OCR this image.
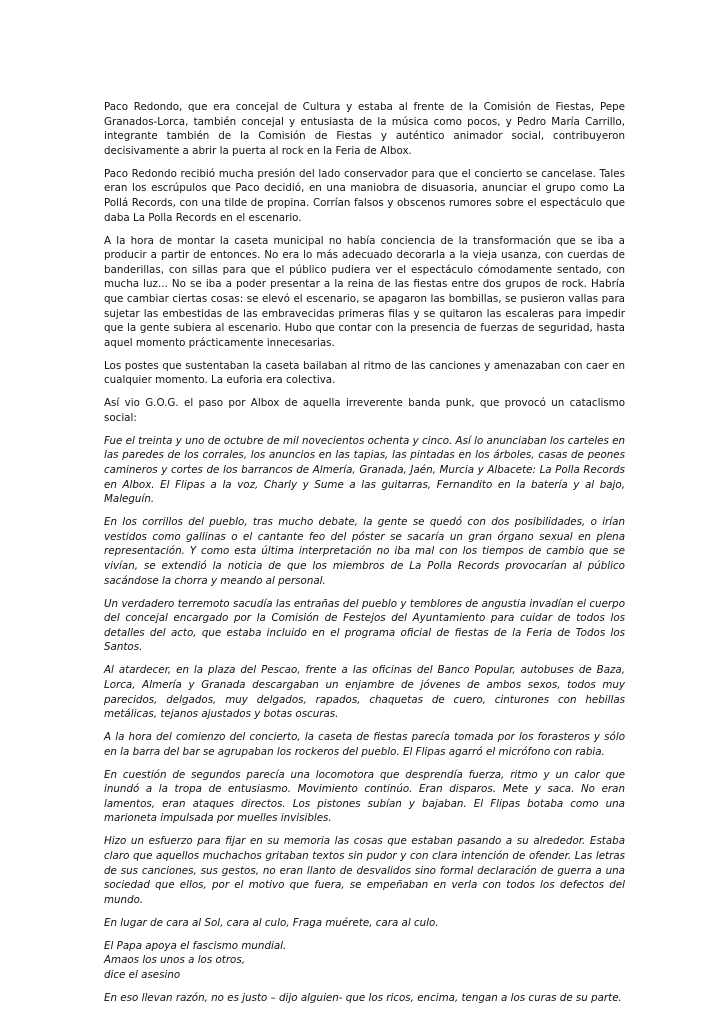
Paco Redondo, que era concejal de Cultura y estaba al frente de la Comisión de Fiestas, Pepe Granados-Lorca, también concejal y entusiasta de la música como pocos, y Pedro María Carrillo, integrante también de la Comisión de Fiestas y auténtico animador social, contribuyeron decisivamente a abrir la puerta al rock en la Feria de Albox.

Paco Redondo recibió mucha presión del lado conservador para que el concierto se cancelase. Tales eran los escrúpulos que Paco decidió, en una maniobra de disuasoria, anunciar el grupo como La Pollá Records, con una tilde de propina. Corrían falsos y obscenos rumores sobre el espectáculo que daba La Polla Records en el escenario.

A la hora de montar la caseta municipal no había conciencia de la transformación que se iba a producir a partir de entonces. No era lo más adecuado decorarla a la vieja usanza, con cuerdas de banderillas, con sillas para que el público pudiera ver el espectáculo cómodamente sentado, con mucha luz... No se iba a poder presentar a la reina de las fiestas entre dos grupos de rock. Habría que cambiar ciertas cosas: se elevó el escenario, se apagaron las bombillas, se pusieron vallas para sujetar las embestidas de las embravecidas primeras filas y se quitaron las escaleras para impedir que la gente subiera al escenario. Hubo que contar con la presencia de fuerzas de seguridad, hasta aquel momento prácticamente innecesarias.

Los postes que sustentaban la caseta bailaban al ritmo de las canciones y amenazaban con caer en cualquier momento. La euforia era colectiva.

Así vio G.O.G. el paso por Albox de aquella irreverente banda punk, que provocó un cataclismo social:

Fue el treinta y uno de octubre de mil novecientos ochenta y cinco. Así lo anunciaban los carteles en las paredes de los corrales, los anuncios en las tapias, las pintadas en los árboles, casas de peones camineros y cortes de los barrancos de Almería, Granada, Jaén, Murcia y Albacete: La Polla Records en Albox. El Flipas a la voz, Charly y Sume a las guitarras, Fernandito en la batería y al bajo, Maleguín.

En los corrillos del pueblo, tras mucho debate, la gente se quedó con dos posibilidades, o irían vestidos como gallinas o el cantante feo del póster se sacaría un gran órgano sexual en plena representación. Y como esta última interpretación no iba mal con los tiempos de cambio que se vivían, se extendió la noticia de que los miembros de La Polla Records provocarían al público sacándose la chorra y meando al personal.

Un verdadero terremoto sacudía las entrañas del pueblo y temblores de angustia invadían el cuerpo del concejal encargado por la Comisión de Festejos del Ayuntamiento para cuidar de todos los detalles del acto, que estaba incluido en el programa oficial de fiestas de la Feria de Todos los Santos.

Al atardecer, en la plaza del Pescao, frente a las oficinas del Banco Popular, autobuses de Baza, Lorca, Almería y Granada descargaban un enjambre de jóvenes de ambos sexos, todos muy parecidos, delgados, muy delgados, rapados, chaquetas de cuero, cinturones con hebillas metálicas, tejanos ajustados y botas oscuras.

A la hora del comienzo del concierto, la caseta de fiestas parecía tomada por los forasteros y sólo en la barra del bar se agrupaban los rockeros del pueblo. El Flipas agarró el micrófono con rabia.

En cuestión de segundos parecía una locomotora que desprendía fuerza, ritmo y un calor que inundó a la tropa de entusiasmo. Movimiento continúo. Eran disparos. Mete y saca. No eran lamentos, eran ataques directos. Los pistones subían y bajaban. El Flipas botaba como una marioneta impulsada por muelles invisibles.

Hizo un esfuerzo para fijar en su memoria las cosas que estaban pasando a su alrededor. Estaba claro que aquellos muchachos gritaban textos sin pudor y con clara intención de ofender. Las letras de sus canciones, sus gestos, no eran llanto de desvalidos sino formal declaración de guerra a una sociedad que ellos, por el motivo que fuera, se empeñaban en verla con todos los defectos del mundo.

En lugar de cara al Sol, cara al culo, Fraga muérete, cara al culo.

El Papa apoya el fascismo mundial.
Amaos los unos a los otros,
dice el asesino

En eso llevan razón, no es justo – dijo alguien- que los ricos, encima, tengan a los curas de su parte.
